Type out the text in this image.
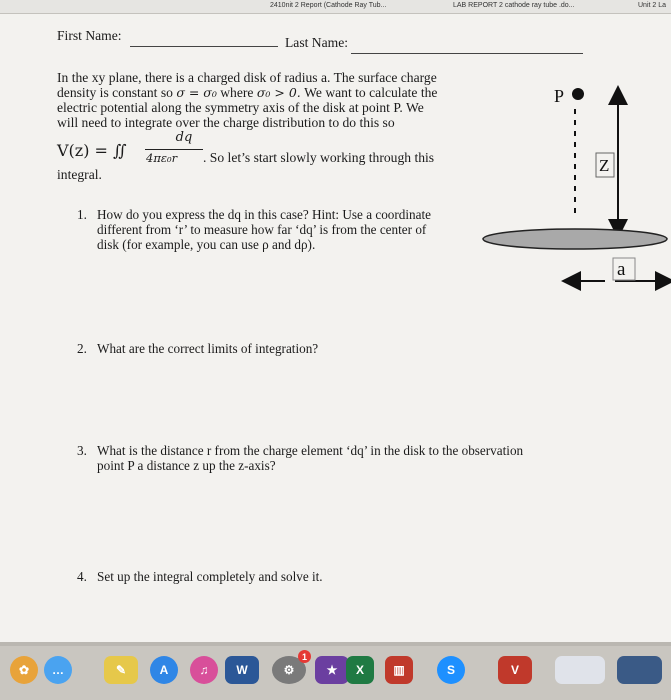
2410nit 2 Report (Cathode Ray Tub...	LAB REPORT 2 cathode ray tube .do...	Unit 2 La
First Name:	Last Name:
In the xy plane, there is a charged disk of radius a. The surface charge
density is constant so σ = σ₀ where σ₀ > 0. We want to calculate the
electric potential along the symmetry axis of the disk at point P. We
will need to integrate over the charge distribution to do this so
V(z) = ∬
dq
4πε₀r . So let’s start slowly working through this
integral.
1. How do you express the dq in this case? Hint: Use a coordinate
different from ‘r’ to measure how far ‘dq’ is from the center of
disk (for example, you can use ρ and dρ).
2. What are the correct limits of integration?
3. What is the distance r from the charge element ‘dq’ in the disk to the observation
point P a distance z up the z-axis?
4. Set up the integral completely and solve it.
P
Z
a
✿	…	✎	A	♫	W	⚙	★	X	▥	S	V
1
